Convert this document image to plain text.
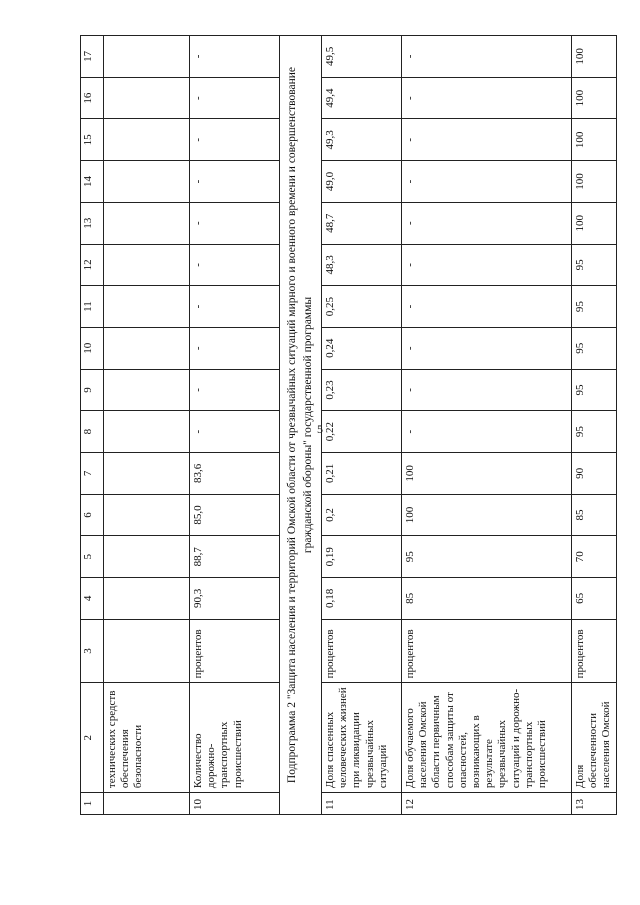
5
1	2	3	4	5	6	7	8	9	10	11	12	13	14	15	16	17
	технических средств обеспечения безопасности															
10	Количество дорожно-транспортных происшествий	процентов	90,3	88,7	85,0	83,6	-	-	-	-	-	-	-	-	-	-
Подпрограмма 2 "Защита населения и территорий Омской области от чрезвычайных ситуаций мирного и военного времени и совершенствование гражданской обороны" государственной программы																
11	Доля спасенных человеческих жизней при ликвидации чрезвычайных ситуаций	процентов	0,18	0,19	0,2	0,21	0,22	0,23	0,24	0,25	48,3	48,7	49,0	49,3	49,4	49,5
12	Доля обучаемого населения Омской области первичным способам защиты от опасностей, возникающих в результате чрезвычайных ситуаций и дорожно-транспортных происшествий	процентов	85	95	100	100	-	-	-	-	-	-	-	-	-	-
13	Доля обеспеченности населения Омской	процентов	65	70	85	90	95	95	95	95	95	100	100	100	100	100
